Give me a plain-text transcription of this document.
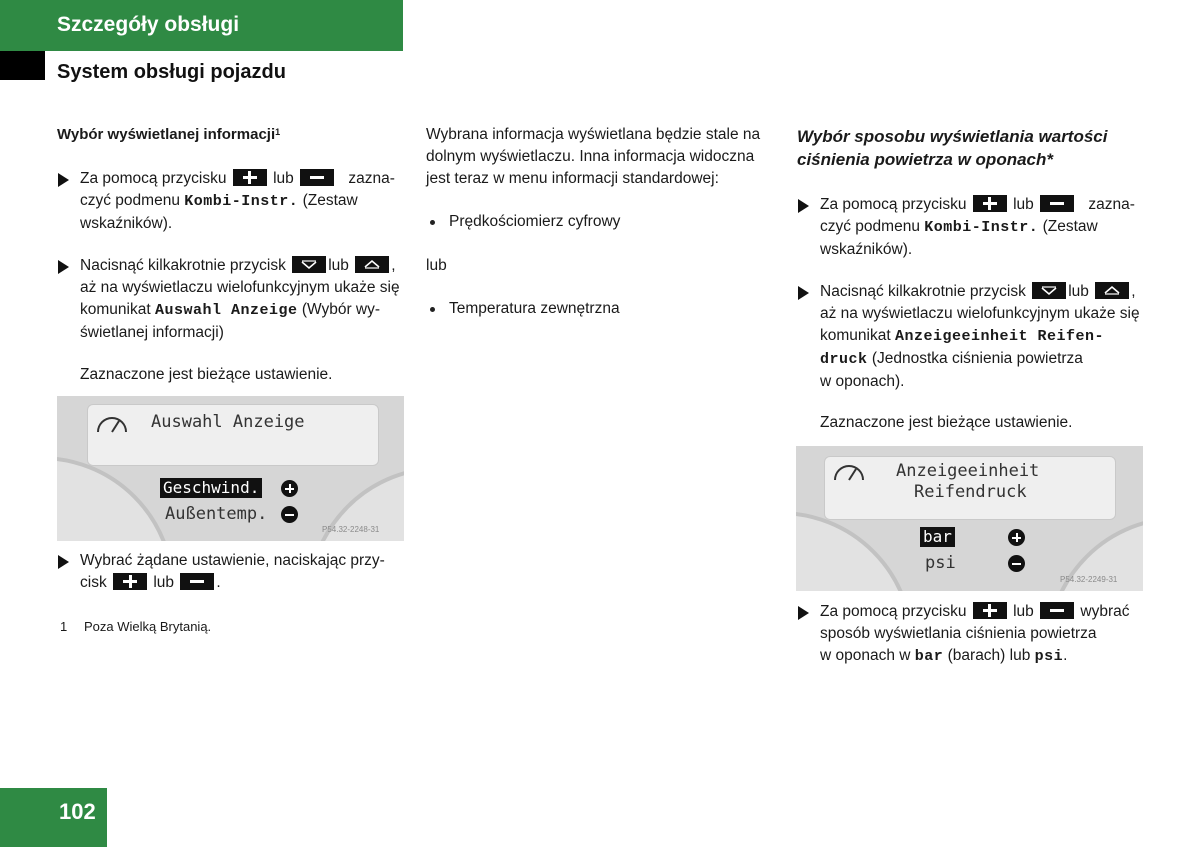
Szczegóły obsługi
System obsługi pojazdu
Wybór wyświetlanej informacji$^1$
Za pomocą przycisku	lub	zazna-
czyć podmenu Kombi-Instr. (Zestaw
wskaźników).
Nacisnąć kilkakrotnie przycisk	lub	,
aż na wyświetlaczu wielofunkcyjnym ukaże się
komunikat Auswahl Anzeige (Wybór wy-
świetlanej informacji)
Zaznaczone jest bieżące ustawienie.
Auswahl Anzeige
Geschwind.
Außentemp.
P54.32-2248-31
Wybrać żądane ustawienie, naciskając przy-
cisk	lub	.
1 Poza Wielką Brytanią.
Wybrana informacja wyświetlana będzie stale na
dolnym wyświetlaczu. Inna informacja widoczna
jest teraz w menu informacji standardowej:
Prędkościomierz cyfrowy
lub
Temperatura zewnętrzna
Wybór sposobu wyświetlania wartości
ciśnienia powietrza w oponach*
Za pomocą przycisku	lub	zazna-
czyć podmenu Kombi-Instr. (Zestaw
wskaźników).
Nacisnąć kilkakrotnie przycisk	lub	,
aż na wyświetlaczu wielofunkcyjnym ukaże się
komunikat Anzeigeeinheit Reifen-
druck (Jednostka ciśnienia powietrza
w oponach).
Zaznaczone jest bieżące ustawienie.
Anzeigeeinheit
Reifendruck
bar
psi
P54.32-2249-31
Za pomocą przycisku	lub	wybrać
sposób wyświetlania ciśnienia powietrza
w oponach w bar (barach) lub psi.
102
